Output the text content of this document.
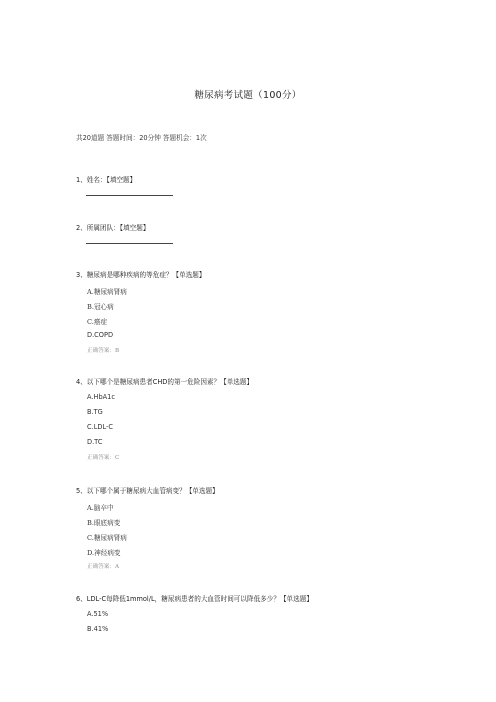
糖尿病考试题（100分）
共20道题 答题时间：20分钟 答题机会：1次
1、姓名：【填空题】
2、所属团队：【填空题】
3、糖尿病是哪种疾病的等危症？【单选题】
A.糖尿病肾病
B.冠心病
C.癌症
D.COPD
正确答案：B
4、以下哪个是糖尿病患者CHD的第一危险因素？【单选题】
A.HbA1c
B.TG
C.LDL-C
D.TC
正确答案：C
5、以下哪个属于糖尿病大血管病变？【单选题】
A.脑卒中
B.眼底病变
C.糖尿病肾病
D.神经病变
正确答案：A
6、LDL-C每降低1mmol/L，糖尿病患者的大血管时间可以降低多少？【单选题】
A.51%
B.41%
